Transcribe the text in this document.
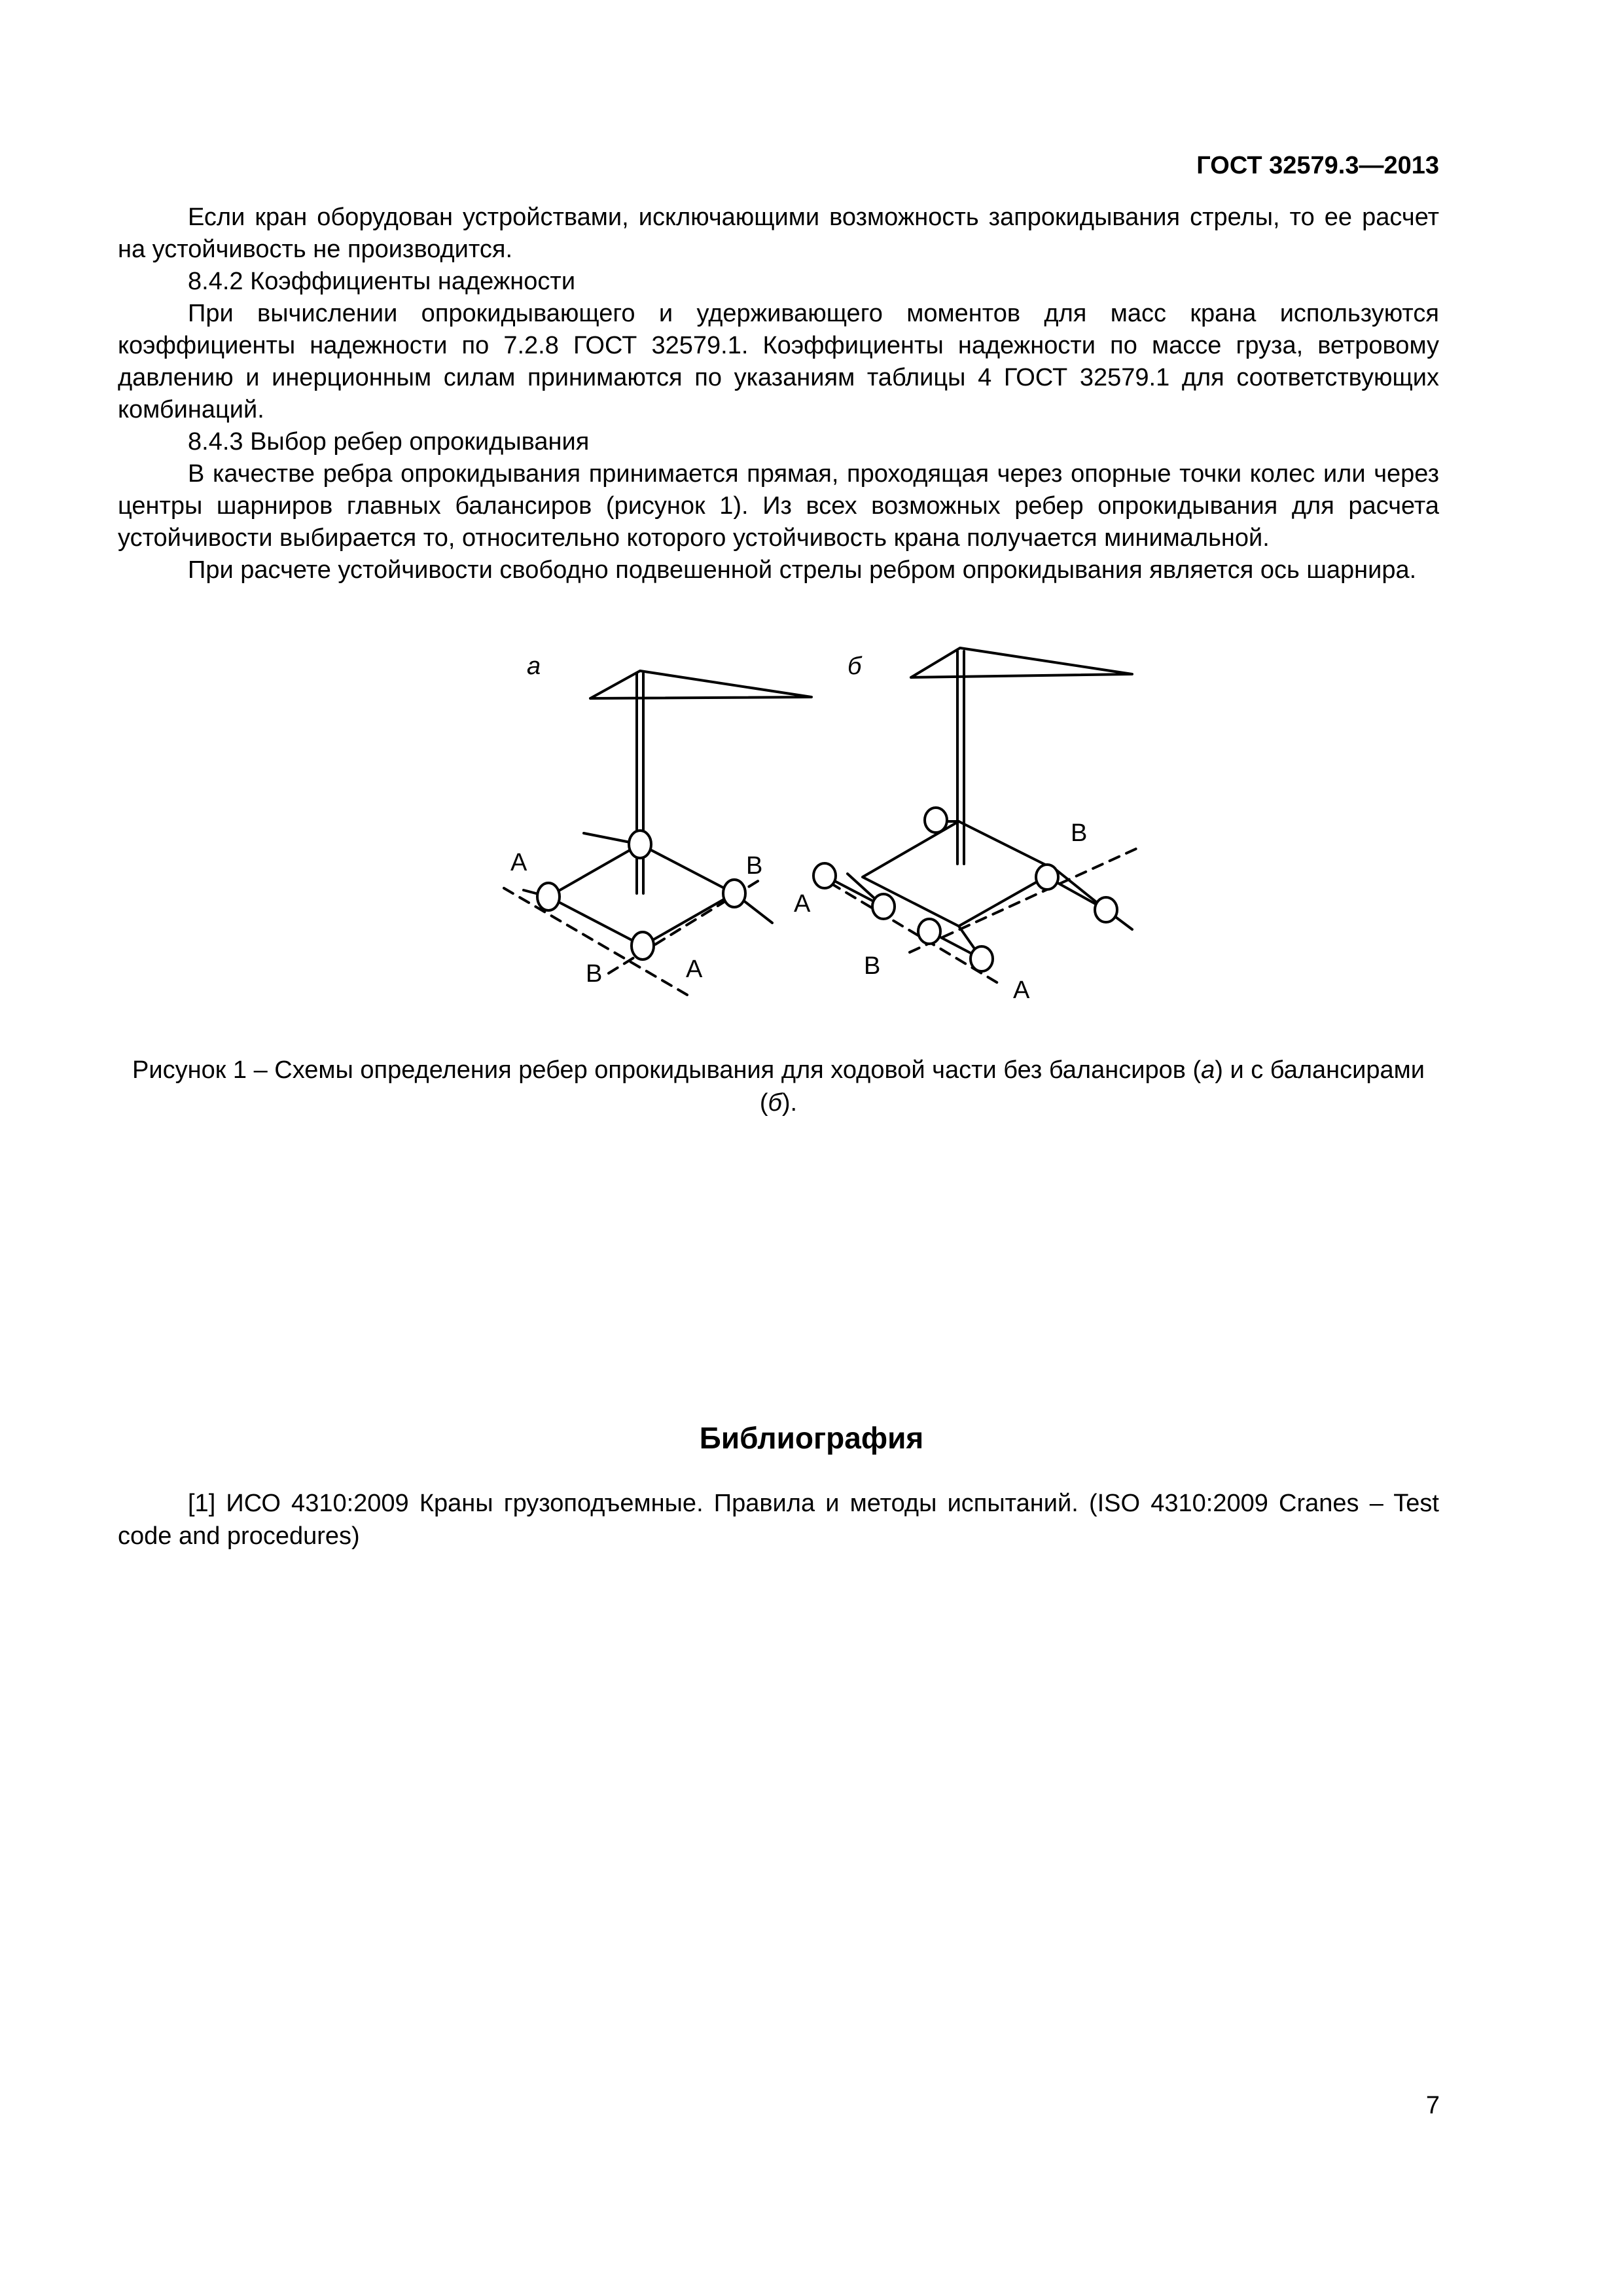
ГОСТ 32579.3—2013

Если кран оборудован устройствами, исключающими возможность запрокидывания стрелы, то ее расчет на устойчивость не производится.

8.4.2 Коэффициенты надежности

При вычислении опрокидывающего и удерживающего моментов для масс крана используются коэффициенты надежности по 7.2.8 ГОСТ 32579.1. Коэффициенты надежности по массе груза, ветровому давлению и инерционным силам принимаются по указаниям таблицы 4 ГОСТ 32579.1 для соответствующих комбинаций.

8.4.3 Выбор ребер опрокидывания

В качестве ребра опрокидывания принимается прямая, проходящая через опорные точки колес или через центры шарниров главных балансиров (рисунок 1). Из всех возможных ребер опрокидывания для расчета устойчивости выбирается то, относительно которого устойчивость крана получается минимальной.

При расчете устойчивости свободно подвешенной стрелы ребром опрокидывания является ось шарнира.

а	б
А	В
В	А
В
А
В
А
Рисунок 1 – Схемы определения ребер опрокидывания для ходовой части без балансиров (а) и с балансирами (б).
Библиография

[1] ИСО 4310:2009 Краны грузоподъемные. Правила и методы испытаний. (ISO 4310:2009 Cranes – Test code and procedures)

7
